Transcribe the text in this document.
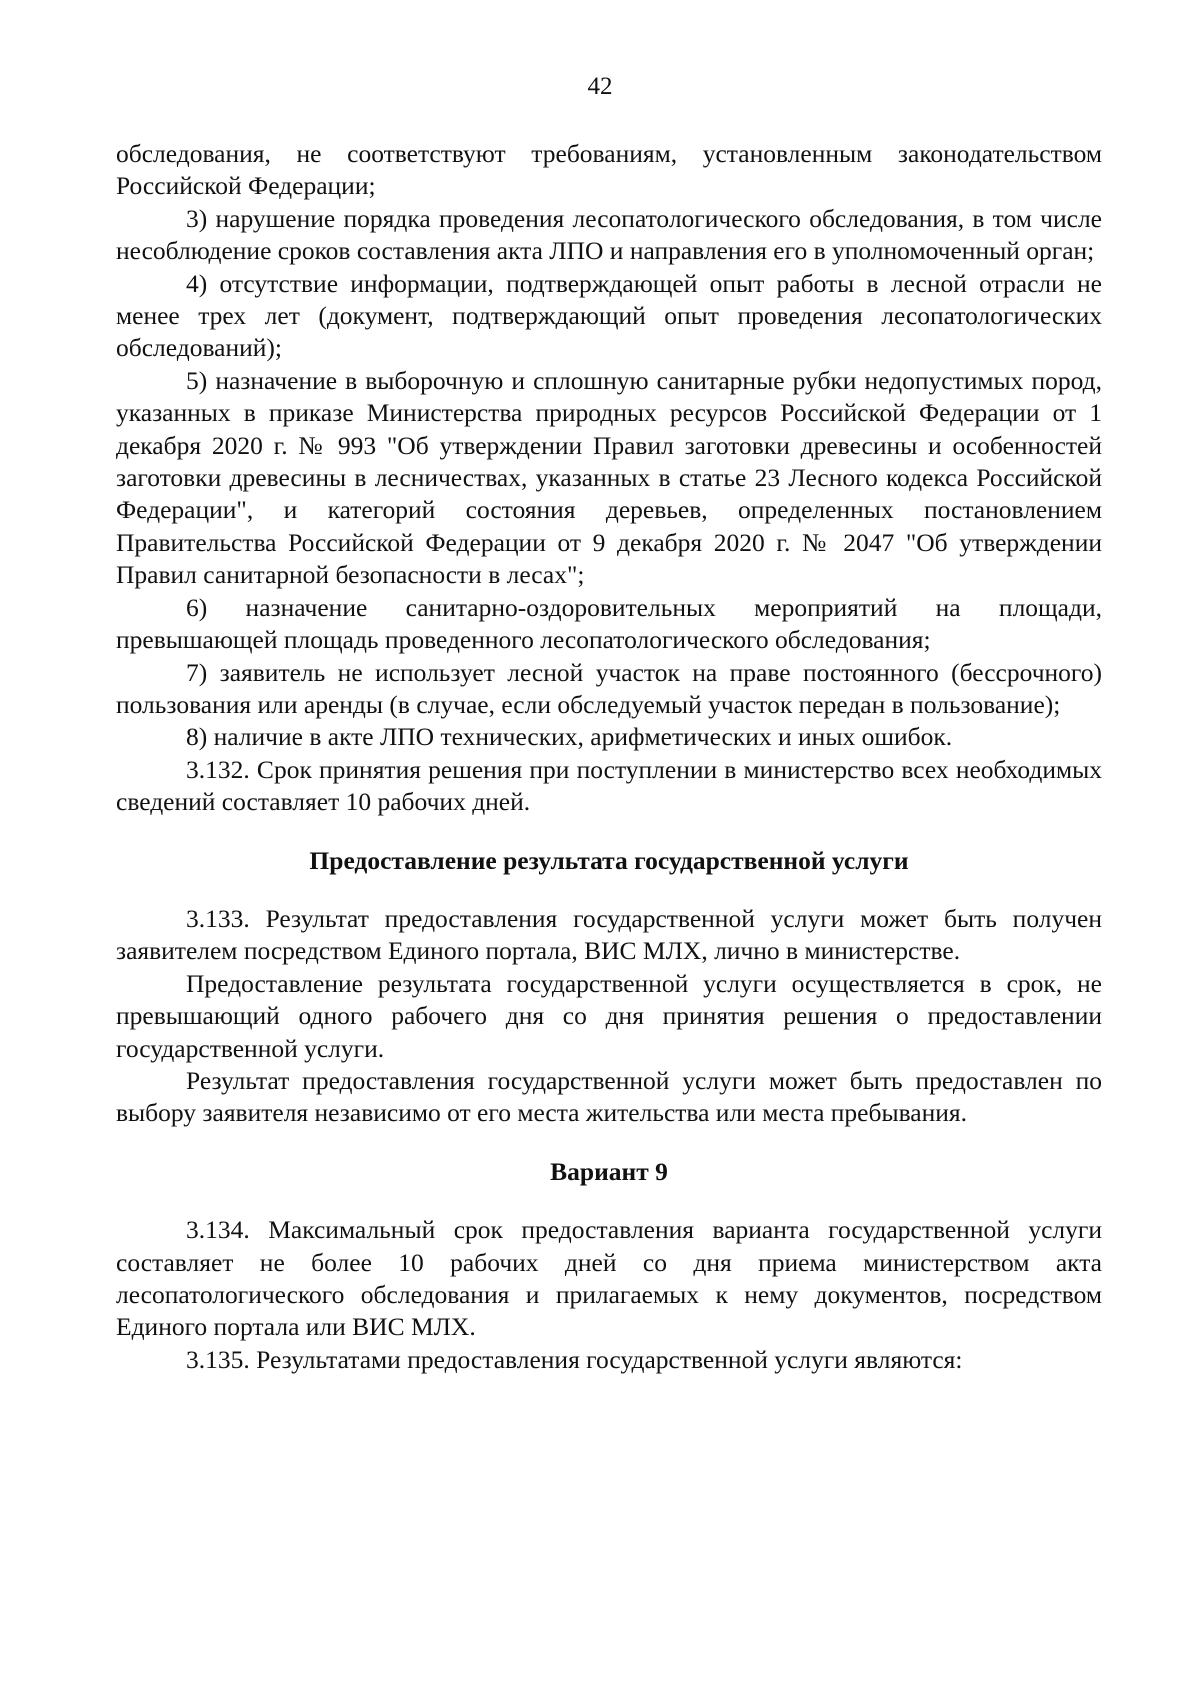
42

обследования, не соответствуют требованиям, установленным законодательством Российской Федерации;

3) нарушение порядка проведения лесопатологического обследования, в том числе несоблюдение сроков составления акта ЛПО и направления его в уполномоченный орган;

4) отсутствие информации, подтверждающей опыт работы в лесной отрасли не менее трех лет (документ, подтверждающий опыт проведения лесопатологических обследований);

5) назначение в выборочную и сплошную санитарные рубки недопустимых пород, указанных в приказе Министерства природных ресурсов Российской Федерации от 1 декабря 2020 г. № 993 "Об утверждении Правил заготовки древесины и особенностей заготовки древесины в лесничествах, указанных в статье 23 Лесного кодекса Российской Федерации", и категорий состояния деревьев, определенных постановлением Правительства Российской Федерации от 9 декабря 2020 г. № 2047 "Об утверждении Правил санитарной безопасности в лесах";

6) назначение санитарно-оздоровительных мероприятий на площади, превышающей площадь проведенного лесопатологического обследования;

7) заявитель не использует лесной участок на праве постоянного (бессрочного) пользования или аренды (в случае, если обследуемый участок передан в пользование);

8) наличие в акте ЛПО технических, арифметических и иных ошибок.

3.132. Срок принятия решения при поступлении в министерство всех необходимых сведений составляет 10 рабочих дней.

Предоставление результата государственной услуги

3.133. Результат предоставления государственной услуги может быть получен заявителем посредством Единого портала, ВИС МЛХ, лично в министерстве.

Предоставление результата государственной услуги осуществляется в срок, не превышающий одного рабочего дня со дня принятия решения о предоставлении государственной услуги.

Результат предоставления государственной услуги может быть предоставлен по выбору заявителя независимо от его места жительства или места пребывания.

Вариант 9

3.134. Максимальный срок предоставления варианта государственной услуги составляет не более 10 рабочих дней со дня приема министерством акта лесопатологического обследования и прилагаемых к нему документов, посредством Единого портала или ВИС МЛХ.

3.135. Результатами предоставления государственной услуги являются:
